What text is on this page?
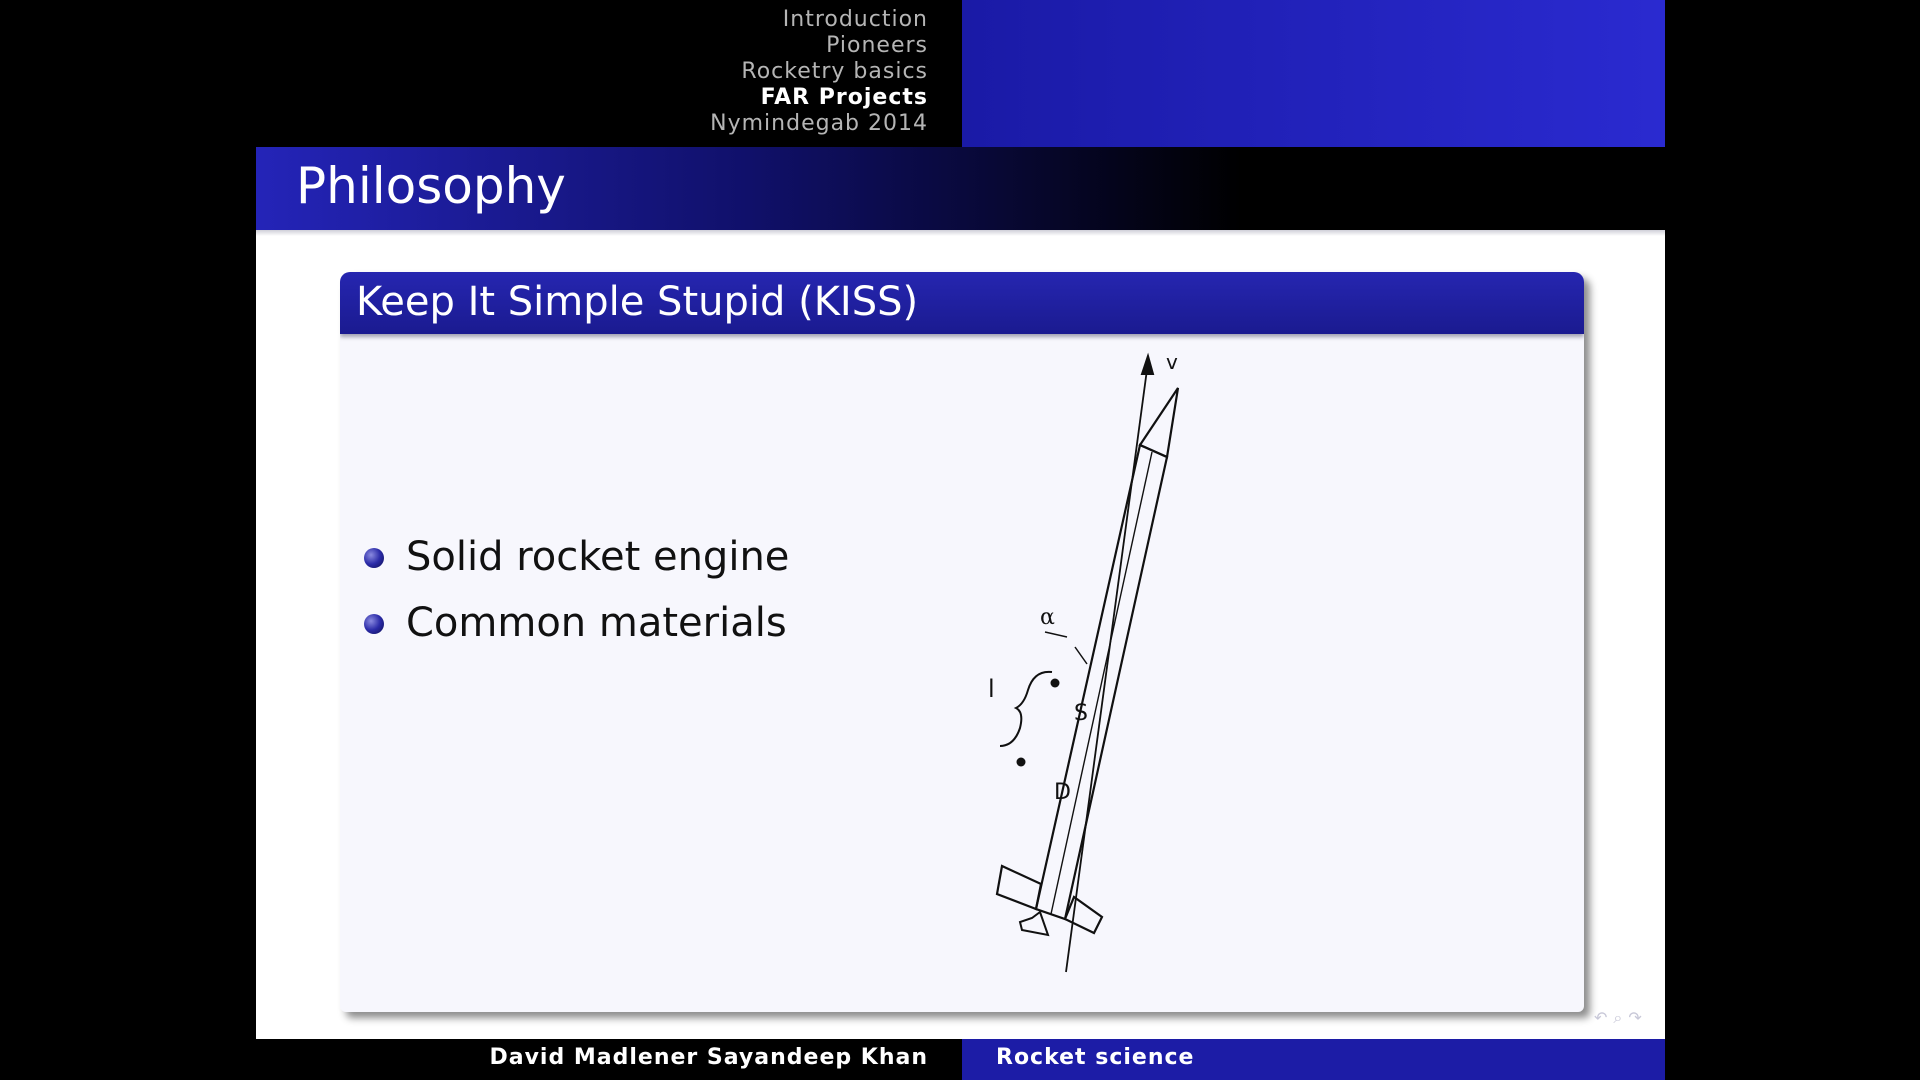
Introduction
Pioneers
Rocketry basics
FAR Projects
Nymindegab 2014
Philosophy
Keep It Simple Stupid (KISS)
Solid rocket engine
Common materials
v
α
l
S
D
↶⌕↷
David Madlener Sayandeep Khan	Rocket science
